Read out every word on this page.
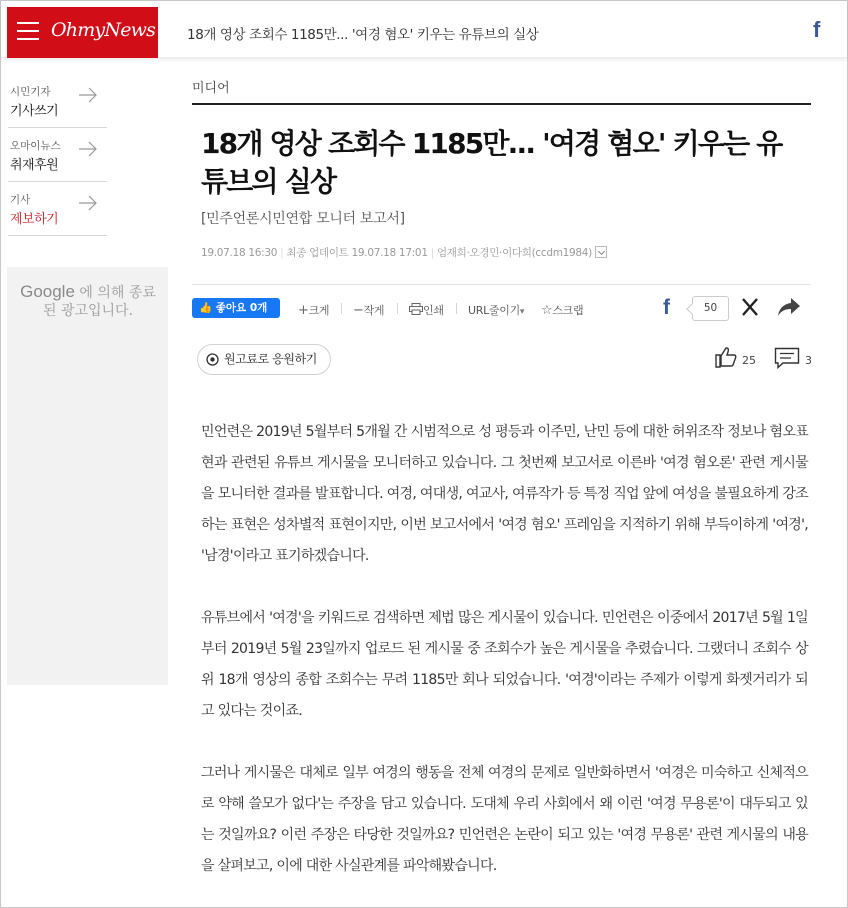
OhmyNews 18개 영상 조회수 1185만... '여경 혐오' 키우는 유튜브의 실상	f
시민기자
기사쓰기
오마이뉴스
취재후원
기사
제보하기
Google 에 의해 종료된 광고입니다.
미디어
18개 영상 조회수 1185만... '여경 혐오' 키우는 유튜브의 실상
[민주언론시민연합 모니터 보고서]
19.07.18 16:30 | 최종 업데이트 19.07.18 17:01 | 엄재희·오경민·이다희(ccdm1984)
👍 좋아요 0개	+크게 −작게	인쇄 URL줄이기▾ ☆스크랩	f	50
원고료로 응원하기	25	3

민언련은 2019년 5월부터 5개월 간 시범적으로 성 평등과 이주민, 난민 등에 대한 허위조작 정보나 혐오표현과 관련된 유튜브 게시물을 모니터하고 있습니다. 그 첫번째 보고서로 이른바 '여경 혐오론' 관련 게시물을 모니터한 결과를 발표합니다. 여경, 여대생, 여교사, 여류작가 등 특정 직업 앞에 여성을 불필요하게 강조하는 표현은 성차별적 표현이지만, 이번 보고서에서 '여경 혐오' 프레임을 지적하기 위해 부득이하게 '여경', '남경'이라고 표기하겠습니다.

유튜브에서 '여경'을 키워드로 검색하면 제법 많은 게시물이 있습니다. 민언련은 이중에서 2017년 5월 1일부터 2019년 5월 23일까지 업로드 된 게시물 중 조회수가 높은 게시물을 추렸습니다. 그랬더니 조회수 상위 18개 영상의 종합 조회수는 무려 1185만 회나 되었습니다. '여경'이라는 주제가 이렇게 화젯거리가 되고 있다는 것이죠.

그러나 게시물은 대체로 일부 여경의 행동을 전체 여경의 문제로 일반화하면서 '여경은 미숙하고 신체적으로 약해 쓸모가 없다'는 주장을 담고 있습니다. 도대체 우리 사회에서 왜 이런 '여경 무용론'이 대두되고 있는 것일까요? 이런 주장은 타당한 것일까요? 민언련은 논란이 되고 있는 '여경 무용론' 관련 게시물의 내용을 살펴보고, 이에 대한 사실관계를 파악해봤습니다.
